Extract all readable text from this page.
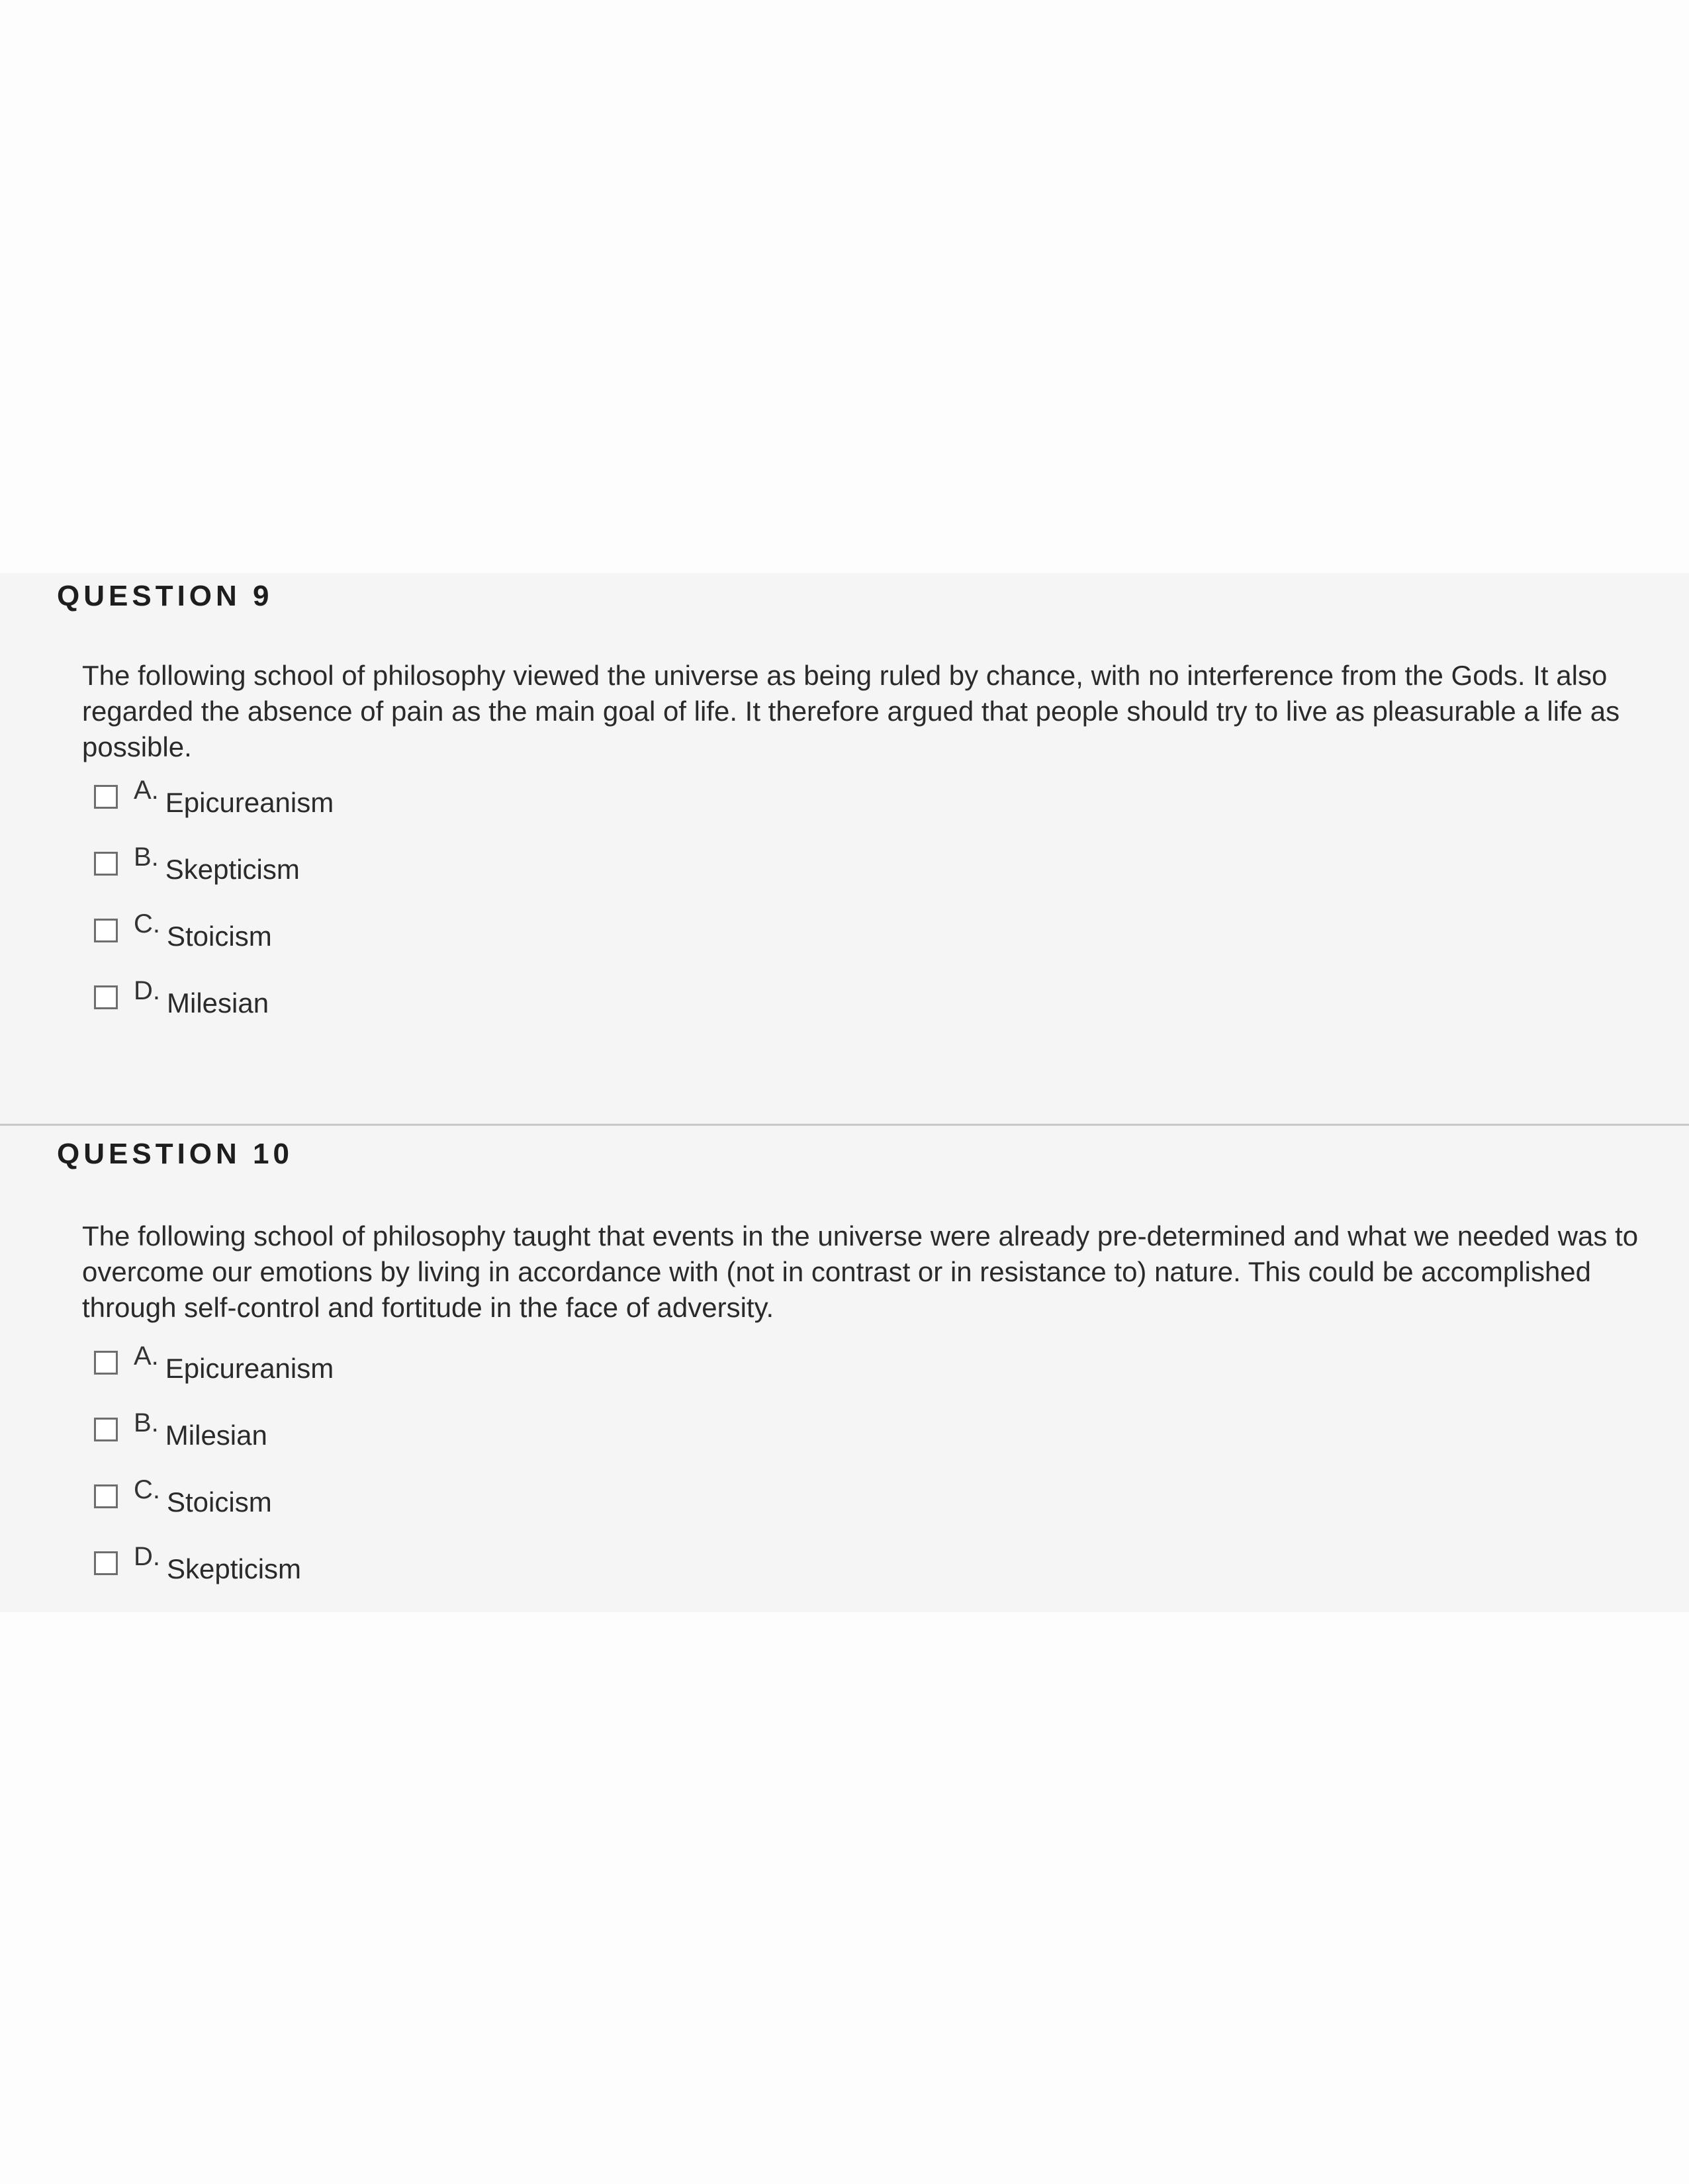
QUESTION 9

The following school of philosophy viewed the universe as being ruled by chance, with no interference from the Gods. It also regarded the absence of pain as the main goal of life. It therefore argued that people should try to live as pleasurable a life as possible.

A. Epicureanism
B. Skepticism
C. Stoicism
D. Milesian
QUESTION 10

The following school of philosophy taught that events in the universe were already pre-determined and what we needed was to overcome our emotions by living in accordance with (not in contrast or in resistance to) nature. This could be accomplished through self-control and fortitude in the face of adversity.

A. Epicureanism
B. Milesian
C. Stoicism
D. Skepticism
